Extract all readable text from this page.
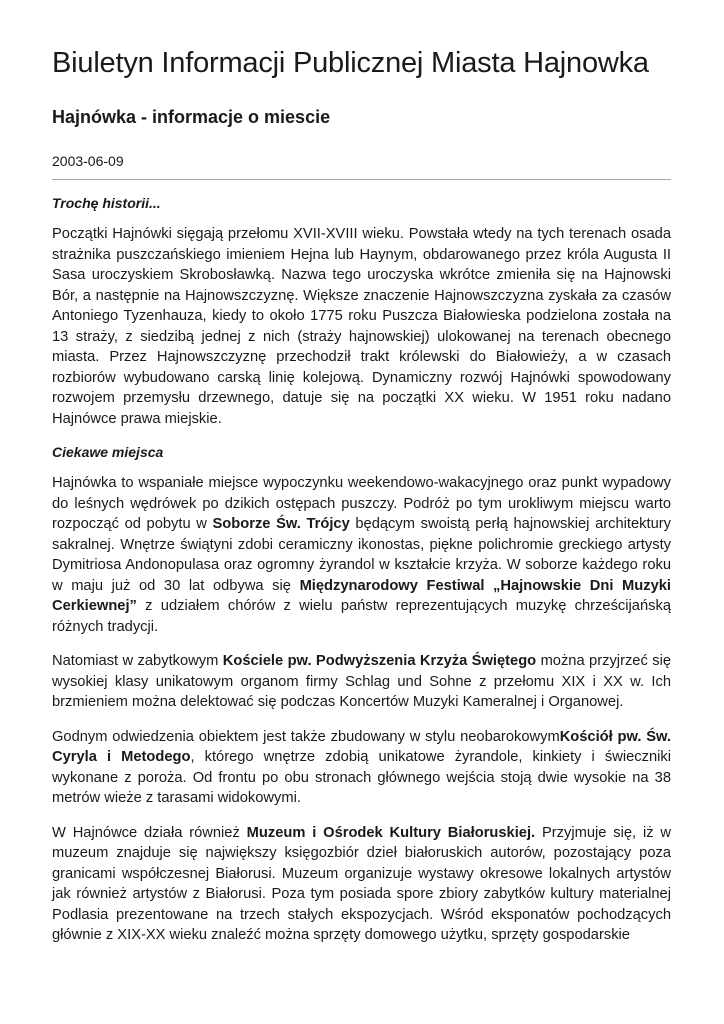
Biuletyn Informacji Publicznej Miasta Hajnowka
Hajnówka - informacje o miescie
2003-06-09
Trochę historii...

Początki Hajnówki sięgają przełomu XVII-XVIII wieku. Powstała wtedy na tych terenach osada strażnika puszczańskiego imieniem Hejna lub Haynym, obdarowanego przez króla Augusta II Sasa uroczyskiem Skrobosławką. Nazwa tego uroczyska wkrótce zmieniła się na Hajnowski Bór, a następnie na Hajnowszczyznę. Większe znaczenie Hajnowszczyzna zyskała za czasów Antoniego Tyzenhauza, kiedy to około 1775 roku Puszcza Białowieska podzielona została na 13 straży, z siedzibą jednej z nich (straży hajnowskiej) ulokowanej na terenach obecnego miasta. Przez Hajnowszczyznę przechodził trakt królewski do Białowieży, a w czasach rozbiorów wybudowano carską linię kolejową. Dynamiczny rozwój Hajnówki spowodowany rozwojem przemysłu drzewnego, datuje się na początki XX wieku. W 1951 roku nadano Hajnówce prawa miejskie.

Ciekawe miejsca

Hajnówka to wspaniałe miejsce wypoczynku weekendowo-wakacyjnego oraz punkt wypadowy do leśnych wędrówek po dzikich ostępach puszczy. Podróż po tym urokliwym miejscu warto rozpocząć od pobytu w Soborze Św. Trójcy będącym swoistą perłą hajnowskiej architektury sakralnej. Wnętrze świątyni zdobi ceramiczny ikonostas, piękne polichromie greckiego artysty Dymitriosa Andonopulasa oraz ogromny żyrandol w kształcie krzyża. W soborze każdego roku w maju już od 30 lat odbywa się Międzynarodowy Festiwal „Hajnowskie Dni Muzyki Cerkiewnej” z udziałem chórów z wielu państw reprezentujących muzykę chrześcijańską różnych tradycji.

Natomiast w zabytkowym Kościele pw. Podwyższenia Krzyża Świętego można przyjrzeć się wysokiej klasy unikatowym organom firmy Schlag und Sohne z przełomu XIX i XX w. Ich brzmieniem można delektować się podczas Koncertów Muzyki Kameralnej i Organowej.

Godnym odwiedzenia obiektem jest także zbudowany w stylu neobarokowymKościół pw. Św. Cyryla i Metodego, którego wnętrze zdobią unikatowe żyrandole, kinkiety i świeczniki wykonane z poroża. Od frontu po obu stronach głównego wejścia stoją dwie wysokie na 38 metrów wieże z tarasami widokowymi.

W Hajnówce działa również Muzeum i Ośrodek Kultury Białoruskiej. Przyjmuje się, iż w muzeum znajduje się największy księgozbiór dzieł białoruskich autorów, pozostający poza granicami współczesnej Białorusi. Muzeum organizuje wystawy okresowe lokalnych artystów jak również artystów z Białorusi. Poza tym posiada spore zbiory zabytków kultury materialnej Podlasia prezentowane na trzech stałych ekspozycjach. Wśród eksponatów pochodzących głównie z XIX-XX wieku znaleźć można sprzęty domowego użytku, sprzęty gospodarskie
